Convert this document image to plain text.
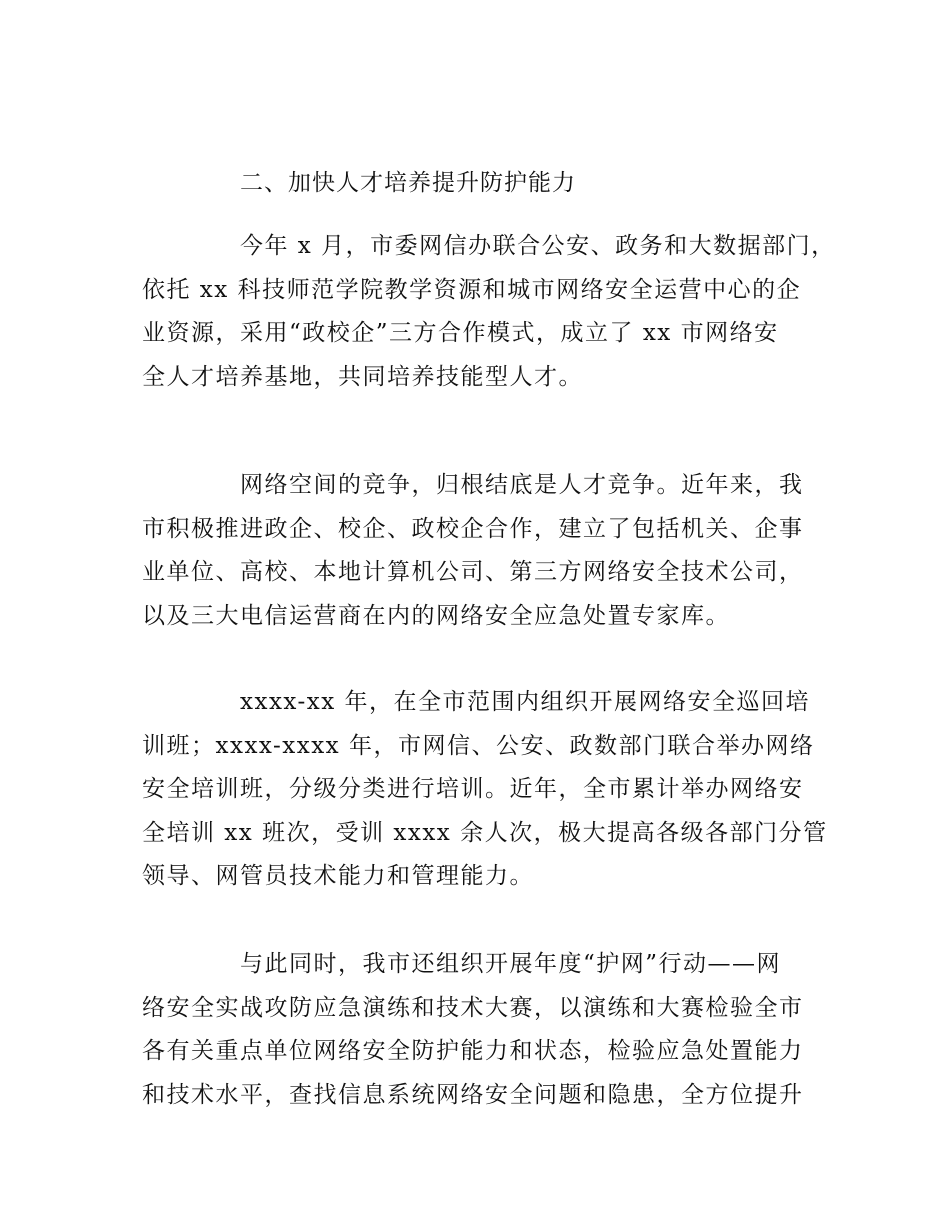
二、加快人才培养提升防护能力
今年 x 月，市委网信办联合公安、政务和大数据部门，
依托 xx 科技师范学院教学资源和城市网络安全运营中心的企
业资源，采用“政校企”三方合作模式，成立了 xx 市网络安
全人才培养基地，共同培养技能型人才。
网络空间的竞争，归根结底是人才竞争。近年来，我
市积极推进政企、校企、政校企合作，建立了包括机关、企事
业单位、高校、本地计算机公司、第三方网络安全技术公司，
以及三大电信运营商在内的网络安全应急处置专家库。
xxxx-xx 年，在全市范围内组织开展网络安全巡回培
训班；xxxx-xxxx 年，市网信、公安、政数部门联合举办网络
安全培训班，分级分类进行培训。近年，全市累计举办网络安
全培训 xx 班次，受训 xxxx 余人次，极大提高各级各部门分管
领导、网管员技术能力和管理能力。
与此同时，我市还组织开展年度“护网”行动——网
络安全实战攻防应急演练和技术大赛，以演练和大赛检验全市
各有关重点单位网络安全防护能力和状态，检验应急处置能力
和技术水平，查找信息系统网络安全问题和隐患，全方位提升
